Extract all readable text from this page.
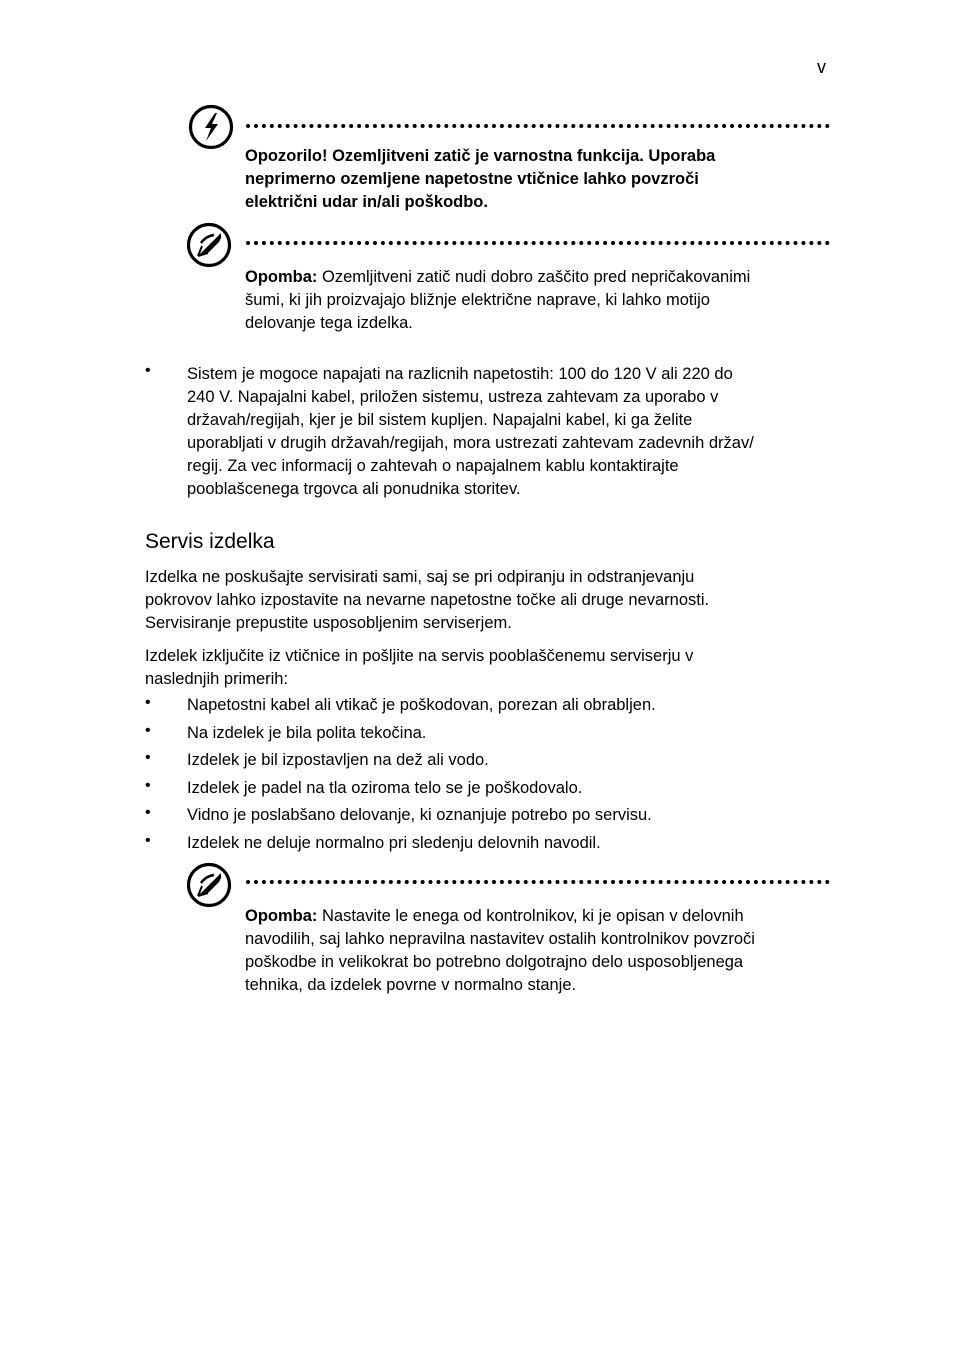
v
Opozorilo! Ozemljitveni zatič je varnostna funkcija. Uporaba
neprimerno ozemljene napetostne vtičnice lahko povzroči
električni udar in/ali poškodbo.
Opomba: Ozemljitveni zatič nudi dobro zaščito pred nepričakovanimi
šumi, ki jih proizvajajo bližnje električne naprave, ki lahko motijo
delovanje tega izdelka.
• Sistem je mogoce napajati na razlicnih napetostih: 100 do 120 V ali 220 do
240 V. Napajalni kabel, priložen sistemu, ustreza zahtevam za uporabo v
državah/regijah, kjer je bil sistem kupljen. Napajalni kabel, ki ga želite
uporabljati v drugih državah/regijah, mora ustrezati zahtevam zadevnih držav/
regij. Za vec informacij o zahtevah o napajalnem kablu kontaktirajte
pooblašcenega trgovca ali ponudnika storitev.
Servis izdelka
Izdelka ne poskušajte servisirati sami, saj se pri odpiranju in odstranjevanju
pokrovov lahko izpostavite na nevarne napetostne točke ali druge nevarnosti.
Servisiranje prepustite usposobljenim serviserjem.
Izdelek izključite iz vtičnice in pošljite na servis pooblaščenemu serviserju v
naslednjih primerih:
• Napetostni kabel ali vtikač je poškodovan, porezan ali obrabljen.
• Na izdelek je bila polita tekočina.
• Izdelek je bil izpostavljen na dež ali vodo.
• Izdelek je padel na tla oziroma telo se je poškodovalo.
• Vidno je poslabšano delovanje, ki oznanjuje potrebo po servisu.
• Izdelek ne deluje normalno pri sledenju delovnih navodil.
Opomba: Nastavite le enega od kontrolnikov, ki je opisan v delovnih
navodilih, saj lahko nepravilna nastavitev ostalih kontrolnikov povzroči
poškodbe in velikokrat bo potrebno dolgotrajno delo usposobljenega
tehnika, da izdelek povrne v normalno stanje.
